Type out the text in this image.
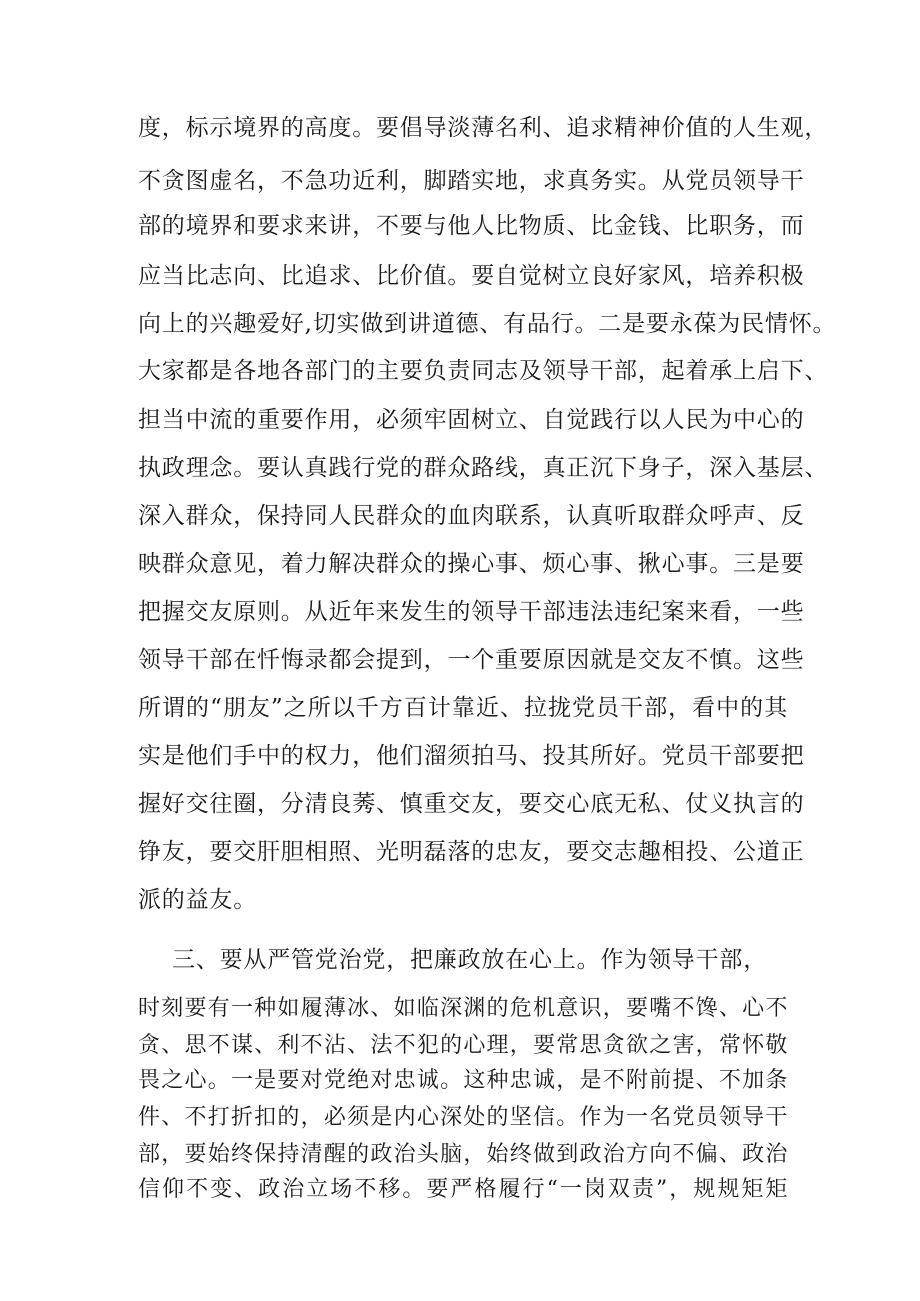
度，标示境界的高度。要倡导淡薄名利、追求精神价值的人生观，

不贪图虚名，不急功近利，脚踏实地，求真务实。从党员领导干

部的境界和要求来讲，不要与他人比物质、比金钱、比职务，而

应当比志向、比追求、比价值。要自觉树立良好家风，培养积极

向上的兴趣爱好,切实做到讲道德、有品行。二是要永葆为民情怀。

大家都是各地各部门的主要负责同志及领导干部，起着承上启下、

担当中流的重要作用，必须牢固树立、自觉践行以人民为中心的

执政理念。要认真践行党的群众路线，真正沉下身子，深入基层、

深入群众，保持同人民群众的血肉联系，认真听取群众呼声、反

映群众意见，着力解决群众的操心事、烦心事、揪心事。三是要

把握交友原则。从近年来发生的领导干部违法违纪案来看，一些

领导干部在忏悔录都会提到，一个重要原因就是交友不慎。这些

所谓的“朋友”之所以千方百计靠近、拉拢党员干部，看中的其

实是他们手中的权力，他们溜须拍马、投其所好。党员干部要把

握好交往圈，分清良莠、慎重交友，要交心底无私、仗义执言的

铮友，要交肝胆相照、光明磊落的忠友，要交志趣相投、公道正

派的益友。

三、要从严管党治党，把廉政放在心上。作为领导干部，

时刻要有一种如履薄冰、如临深渊的危机意识，要嘴不馋、心不

贪、思不谋、利不沾、法不犯的心理，要常思贪欲之害，常怀敬

畏之心。一是要对党绝对忠诚。这种忠诚，是不附前提、不加条

件、不打折扣的，必须是内心深处的坚信。作为一名党员领导干

部，要始终保持清醒的政治头脑，始终做到政治方向不偏、政治

信仰不变、政治立场不移。要严格履行“一岗双责”，规规矩矩
